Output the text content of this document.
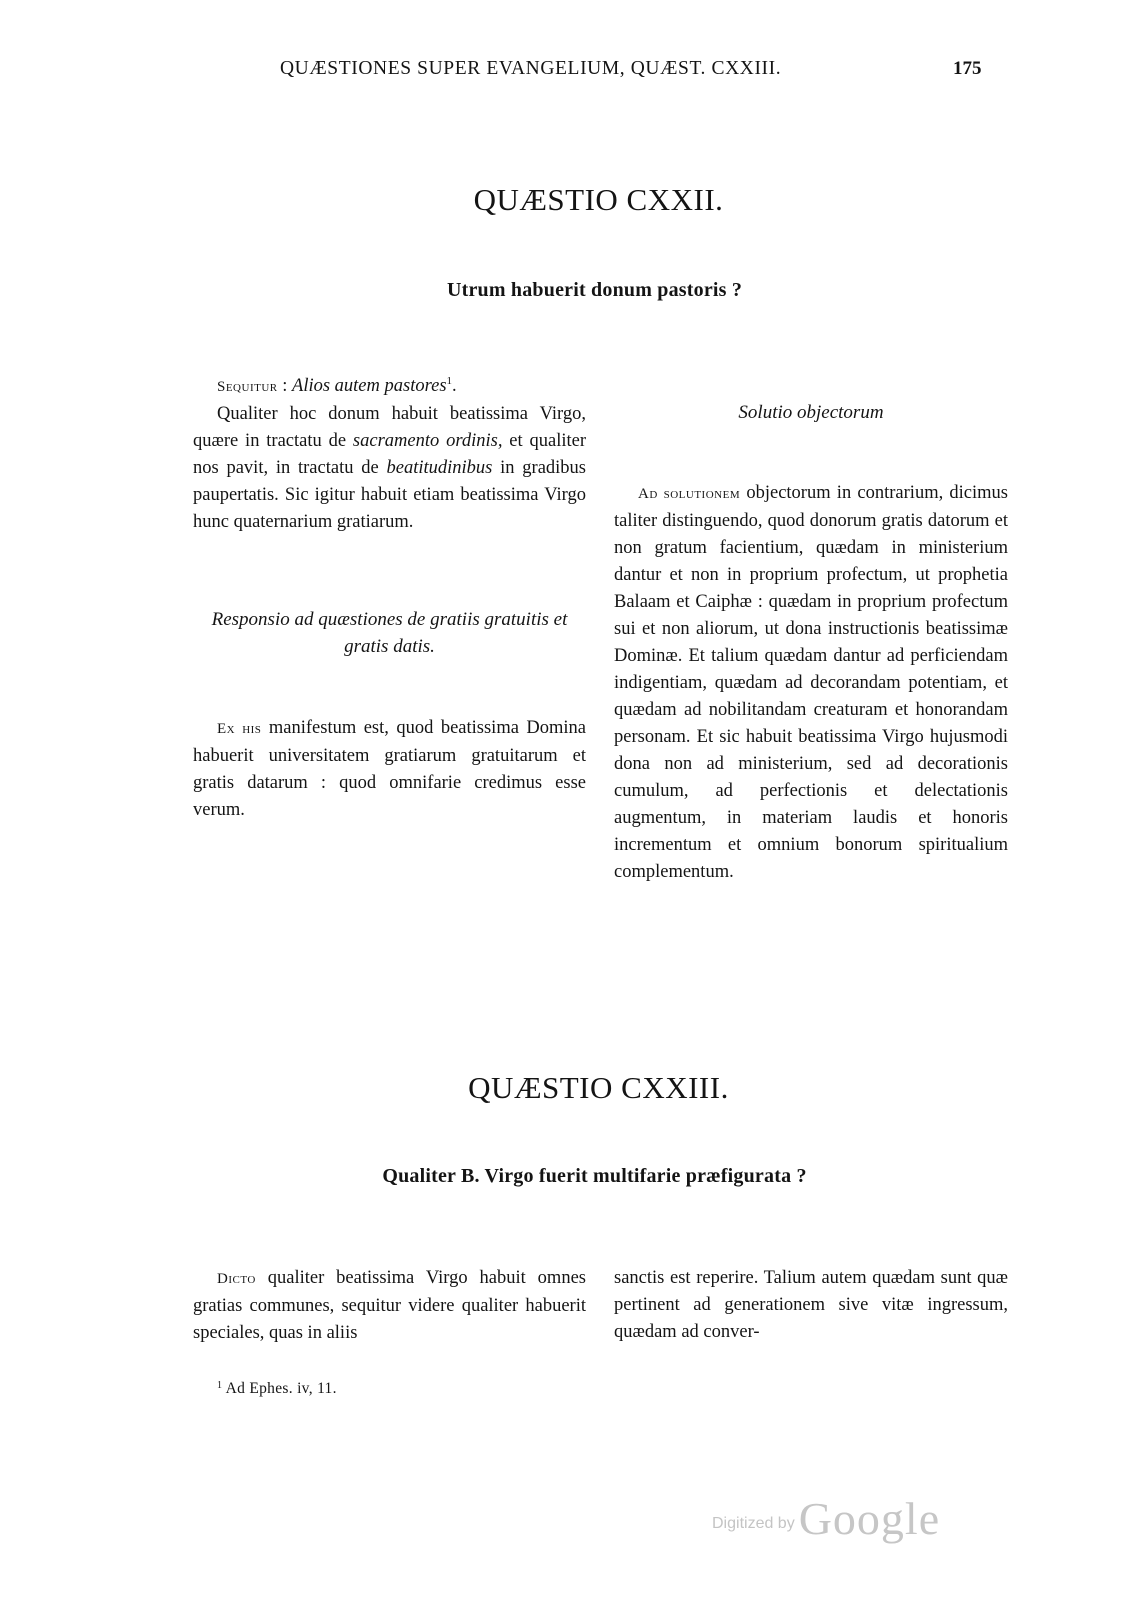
QUÆSTIONES SUPER EVANGELIUM, QUÆST. CXXIII.	175
QUÆSTIO CXXII.
Utrum habuerit donum pastoris ?

Sequitur : Alios autem pastores$^1$.
Qualiter hoc donum habuit beatissima Virgo, quære in tractatu de sacramento ordinis, et qualiter nos pavit, in tractatu de beatitudinibus in gradibus paupertatis. Sic igitur habuit etiam beatissima Virgo hunc quaternarium gratiarum.

Responsio ad quæstiones de gratiis gratuitis et gratis datis.

Ex his manifestum est, quod beatissima Domina habuerit universitatem gratiarum gratuitarum et gratis datarum : quod omnifarie credimus esse verum.

Solutio objectorum

Ad solutionem objectorum in contrarium, dicimus taliter distinguendo, quod donorum gratis datorum et non gratum facientium, quædam in ministerium dantur et non in proprium profectum, ut prophetia Balaam et Caiphæ : quædam in proprium profectum sui et non aliorum, ut dona instructionis beatissimæ Dominæ. Et talium quædam dantur ad perficiendam indigentiam, quædam ad decorandam potentiam, et quædam ad nobilitandam creaturam et honorandam personam. Et sic habuit beatissima Virgo hujusmodi dona non ad ministerium, sed ad decorationis cumulum, ad perfectionis et delectationis augmentum, in materiam laudis et honoris incrementum et omnium bonorum spiritualium complementum.

QUÆSTIO CXXIII.
Qualiter B. Virgo fuerit multifarie præfigurata ?

Dicto qualiter beatissima Virgo habuit omnes gratias communes, sequitur videre qualiter habuerit speciales, quas in aliis

sanctis est reperire. Talium autem quædam sunt quæ pertinent ad generationem sive vitæ ingressum, quædam ad conver-

$^1$ Ad Ephes. iv, 11.
Digitized by Google
